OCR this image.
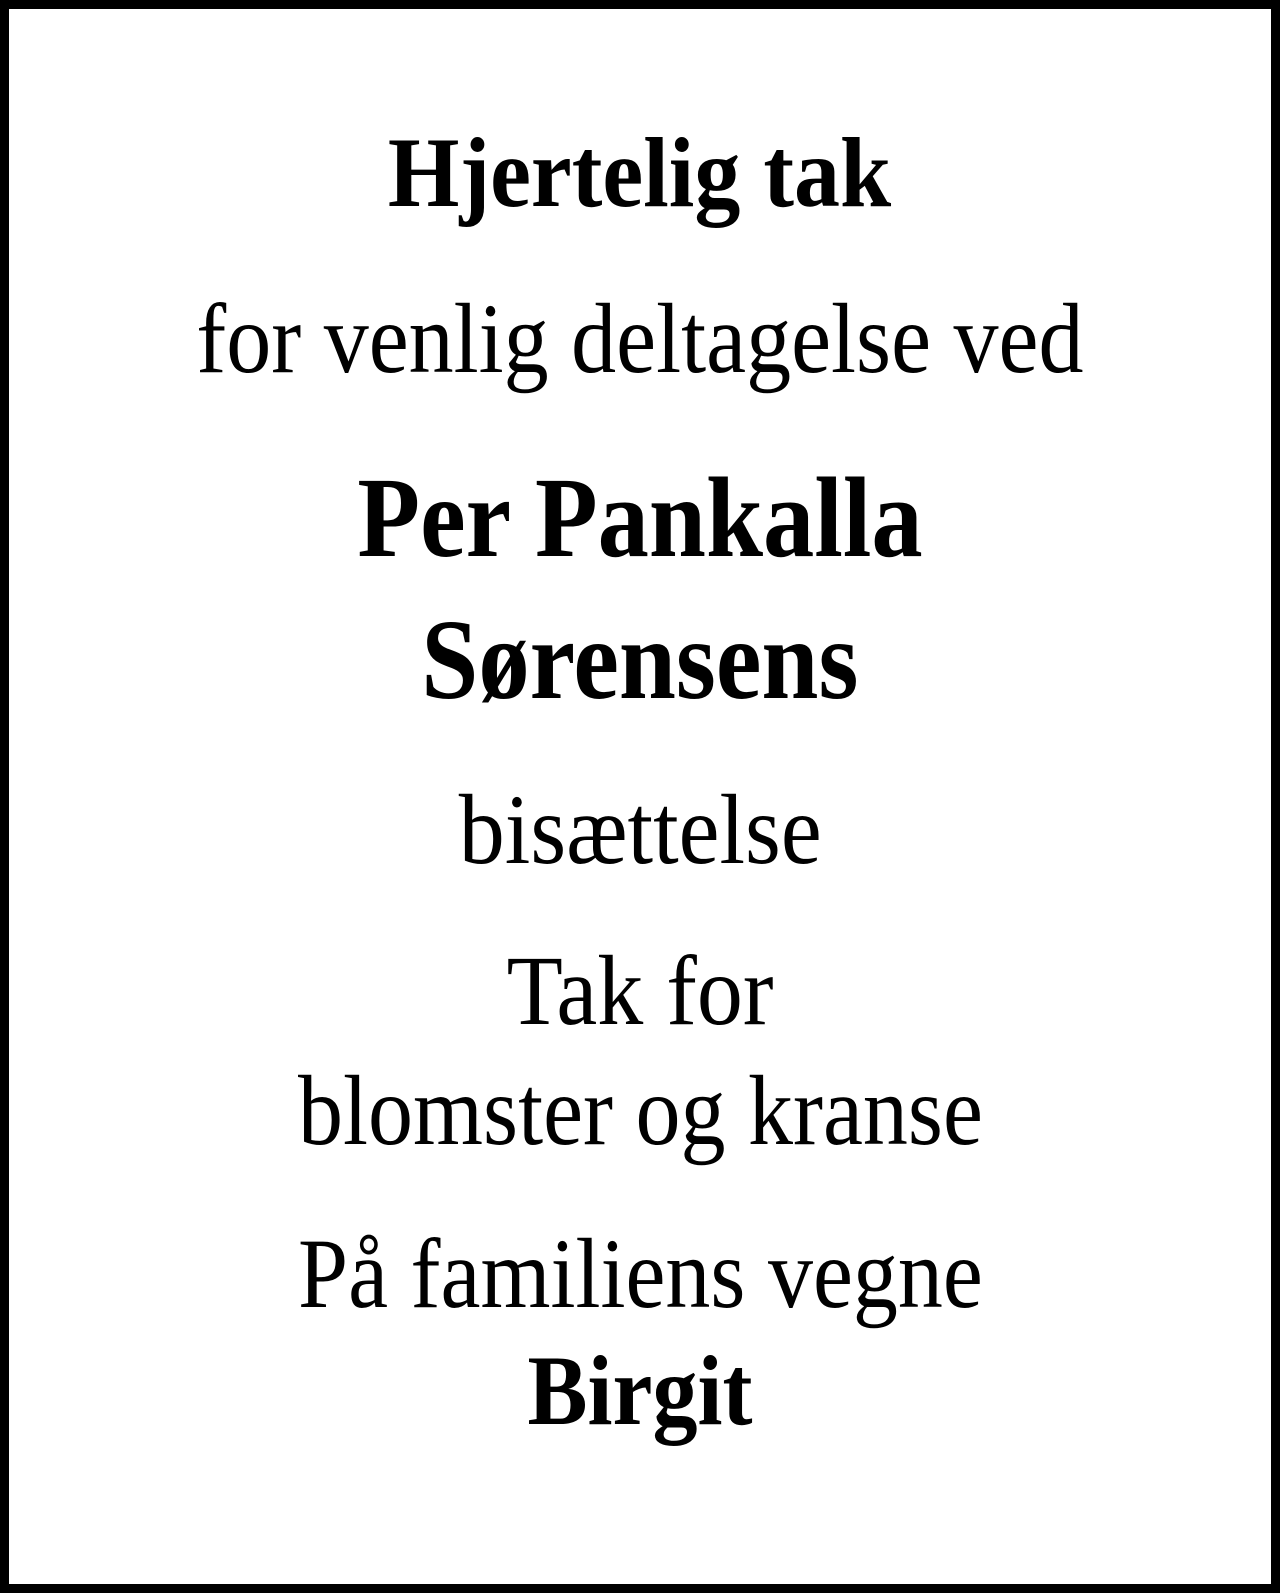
Hjertelig tak
for venlig deltagelse ved
Per Pankalla
Sørensens
bisættelse
Tak for
blomster og kranse
På familiens vegne
Birgit
